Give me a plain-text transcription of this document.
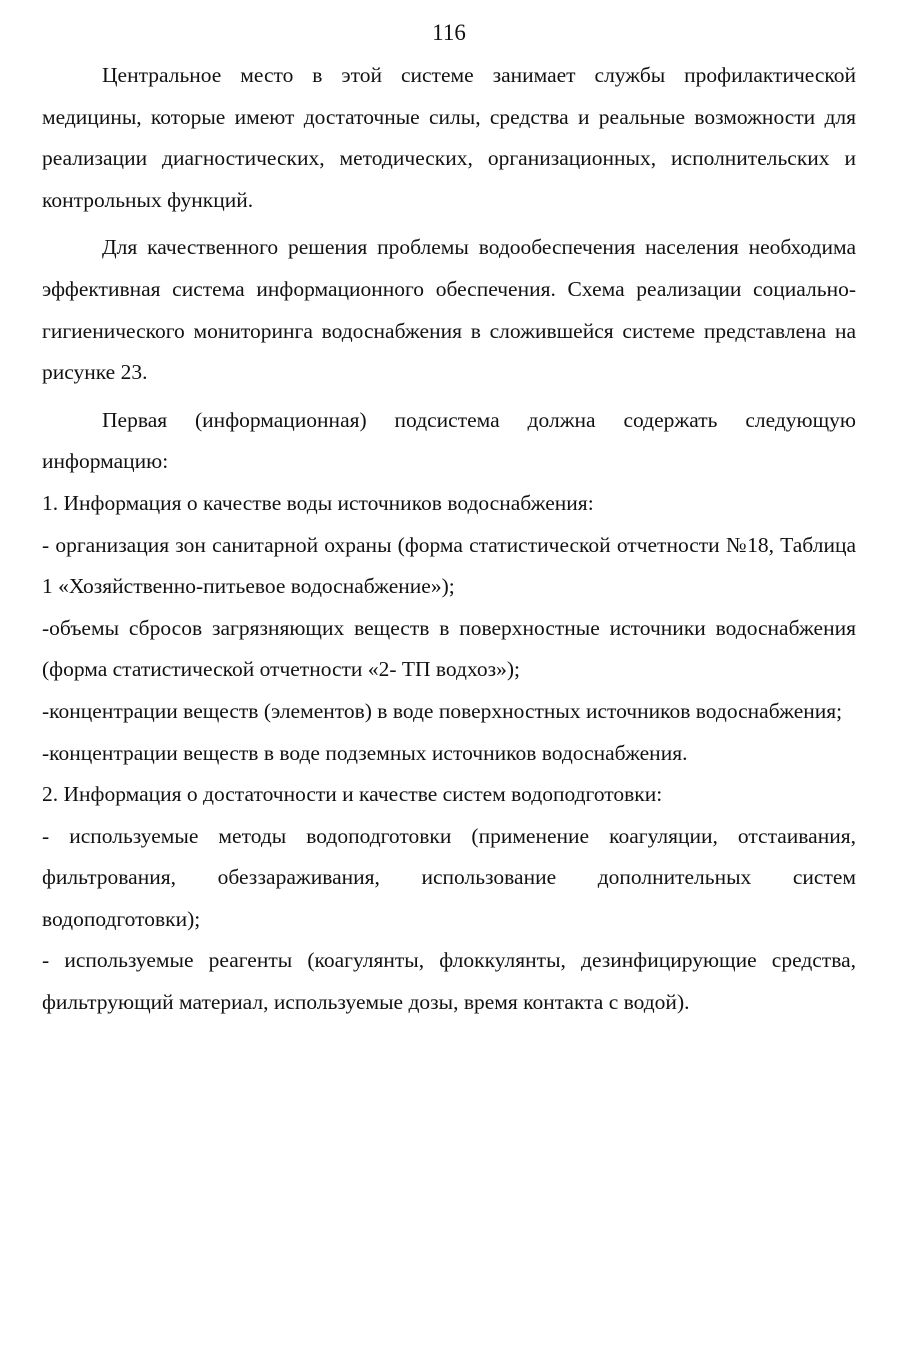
116

Центральное место в этой системе занимает службы профилактической медицины, которые имеют достаточные силы, средства и реальные возможности для реализации диагностических, методических, организационных, исполнительских и контрольных функций.

Для качественного решения проблемы водообеспечения населения необходима эффективная система информационного обеспечения. Схема реализации социально-гигиенического мониторинга водоснабжения в сложившейся системе представлена на рисунке 23.

Первая (информационная) подсистема должна содержать следующую информацию:

1. Информация о качестве воды источников водоснабжения:

- организация зон санитарной охраны (форма статистической отчетности №18, Таблица 1 «Хозяйственно-питьевое водоснабжение»);

-объемы сбросов загрязняющих веществ в поверхностные источники водоснабжения (форма статистической отчетности «2- ТП водхоз»);

-концентрации веществ (элементов) в воде поверхностных источников водоснабжения;

-концентрации веществ в воде подземных источников водоснабжения.

2. Информация о достаточности и качестве систем водоподготовки:

- используемые методы водоподготовки (применение коагуляции, отстаивания, фильтрования, обеззараживания, использование дополнительных систем водоподготовки);

- используемые реагенты (коагулянты, флоккулянты, дезинфицирующие средства, фильтрующий материал, используемые дозы, время контакта с водой).
